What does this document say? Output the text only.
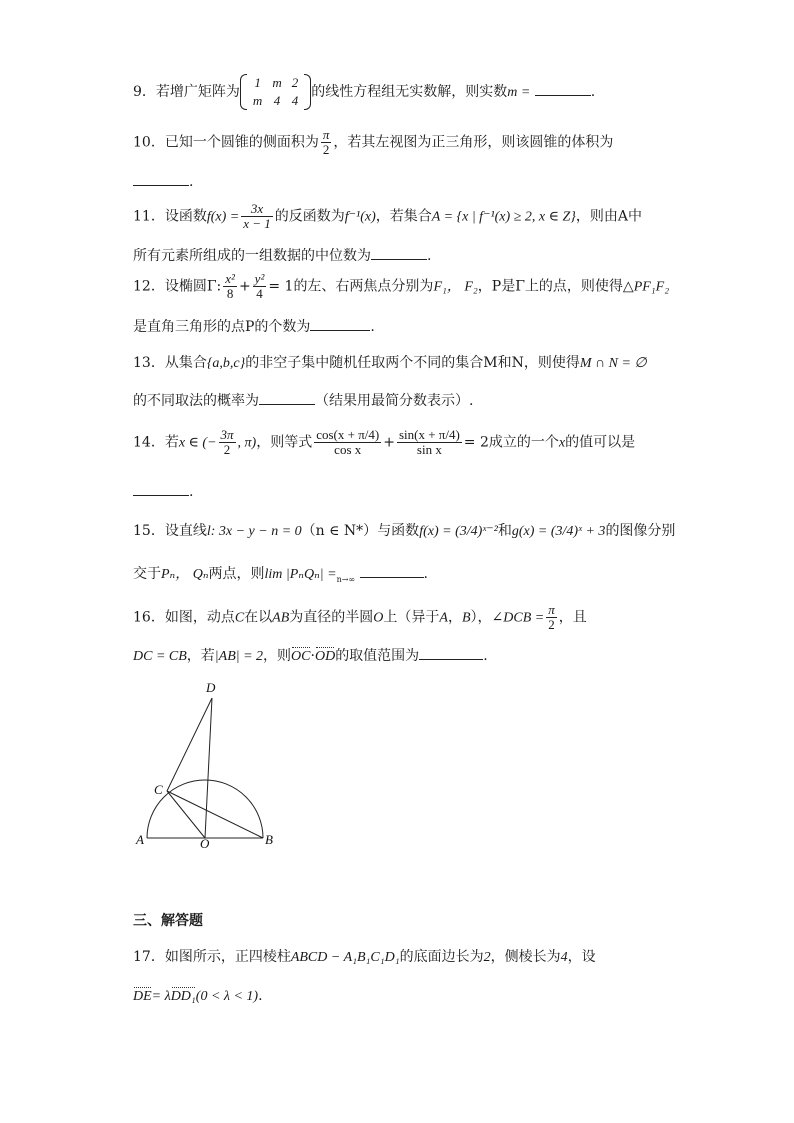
9．若增广矩阵为
1	m	2
m	4	4
的线性方程组无实数解，则实数m =	.
10．已知一个圆锥的侧面积为 $\frac{\pi}{2}$ ，若其左视图为正三角形，则该圆锥的体积为
.
11．设函数$f(x) = \frac{3x}{x - 1}$ 的反函数为f⁻¹(x)，若集合A = {x | f⁻¹(x) ≥ 2, x ∈ Z}，则由A中
所有元素所组成的一组数据的中位数为	.
12．设椭圆Γ: $\frac{\text{x²}}{8} + \frac{\text{y²}}{4} = 1$的左、右两焦点分别为F₁， F₂，P是Γ上的点，则使得△PF₁F₂
是直角三角形的点P的个数为	.
13．从集合{a,b,c}的非空子集中随机任取两个不同的集合M和N，则使得M ∩ N = ∅
的不同取法的概率为	（结果用最简分数表示）.
14．若x ∈ (− $\frac{3\pi}{2}$ , π)，则等式 $\frac{\cos(x + \pi/4)}{\text{cos x}} + \frac{\sin(x + \pi/4)}{\text{sin x}} = 2$成立的一个x的值可以是
.
15．设直线l: 3x − y − n = 0（n ∈ N*）与函数f(x) = (3/4)ˣ⁻²和g(x) = (3/4)ˣ + 3的图像分别
交于Pₙ， Qₙ两点，则$\lim |P_nQ_n| =_{n\to\infty}$	.
16．如图，动点C在以AB为直径的半圆O上（异于A，B），∠DCB = $\frac{\pi}{2}$ ，且
DC = CB，若|AB| = 2，则OC·OD的取值范围为	.
D
C
A	O	B
三、解答题
17．如图所示，正四棱柱ABCD − A₁B₁C₁D₁的底面边长为2，侧棱长为4，设
DE= λDD₁(0 < λ < 1).
